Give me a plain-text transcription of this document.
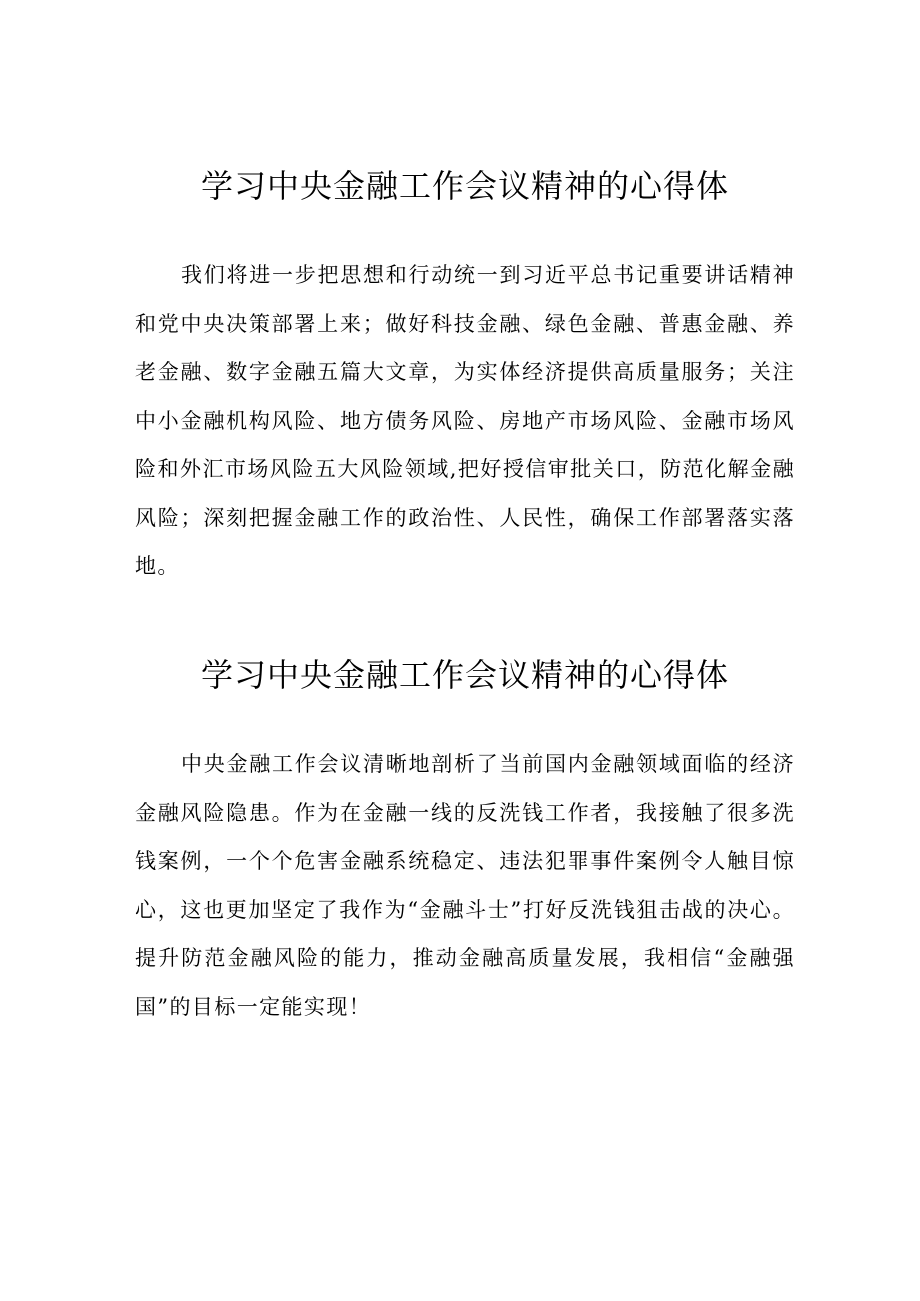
学习中央金融工作会议精神的心得体

我们将进一步把思想和行动统一到习近平总书记重要讲话精神和党中央决策部署上来；做好科技金融、绿色金融、普惠金融、养老金融、数字金融五篇大文章，为实体经济提供高质量服务；关注中小金融机构风险、地方债务风险、房地产市场风险、金融市场风险和外汇市场风险五大风险领域,把好授信审批关口，防范化解金融风险；深刻把握金融工作的政治性、人民性，确保工作部署落实落地。

学习中央金融工作会议精神的心得体

中央金融工作会议清晰地剖析了当前国内金融领域面临的经济金融风险隐患。作为在金融一线的反洗钱工作者，我接触了很多洗钱案例，一个个危害金融系统稳定、违法犯罪事件案例令人触目惊心，这也更加坚定了我作为“金融斗士”打好反洗钱狙击战的决心。提升防范金融风险的能力，推动金融高质量发展，我相信“金融强国”的目标一定能实现！
